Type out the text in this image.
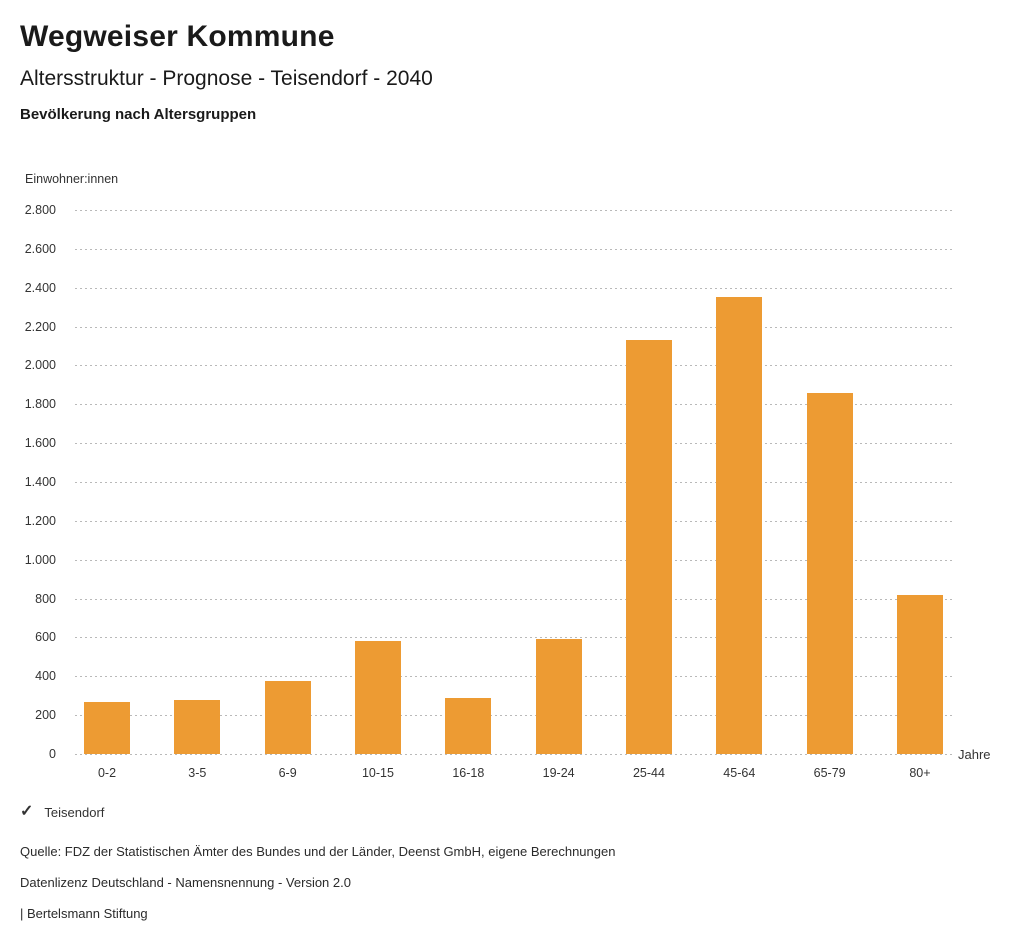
Wegweiser Kommune
Altersstruktur - Prognose - Teisendorf - 2040
Bevölkerung nach Altersgruppen
Einwohner:innen
0
200
400
600
800
1.000
1.200
1.400
1.600
1.800
2.000
2.200
2.400
2.600
2.800
0-2	3-5	6-9	10-15	16-18	19-24	25-44	45-64	65-79	80+
Jahre
✓ Teisendorf
Quelle: FDZ der Statistischen Ämter des Bundes und der Länder, Deenst GmbH, eigene Berechnungen
Datenlizenz Deutschland - Namensnennung - Version 2.0
| Bertelsmann Stiftung
